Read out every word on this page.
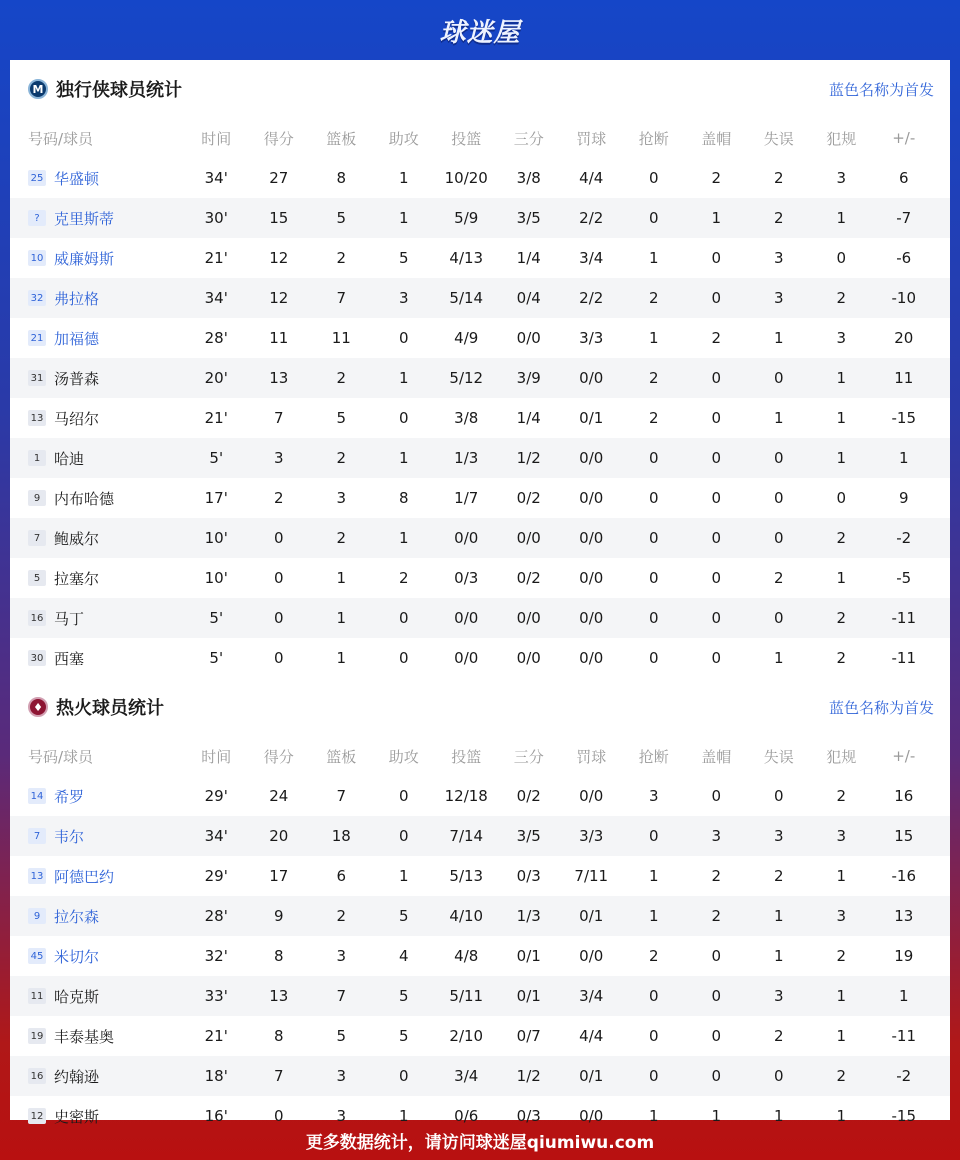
球迷屋
M 独行侠球员统计	蓝色名称为首发
号码/球员	时间	得分	篮板	助攻	投篮	三分	罚球	抢断	盖帽	失误	犯规	+/-
25 华盛顿	34'	27	8	1	10/20	3/8	4/4	0	2	2	3	6
? 克里斯蒂	30'	15	5	1	5/9	3/5	2/2	0	1	2	1	-7
10 威廉姆斯	21'	12	2	5	4/13	1/4	3/4	1	0	3	0	-6
32 弗拉格	34'	12	7	3	5/14	0/4	2/2	2	0	3	2	-10
21 加福德	28'	11	11	0	4/9	0/0	3/3	1	2	1	3	20
31 汤普森	20'	13	2	1	5/12	3/9	0/0	2	0	0	1	11
13 马绍尔	21'	7	5	0	3/8	1/4	0/1	2	0	1	1	-15
1 哈迪	5'	3	2	1	1/3	1/2	0/0	0	0	0	1	1
9 内布哈德	17'	2	3	8	1/7	0/2	0/0	0	0	0	0	9
7 鲍威尔	10'	0	2	1	0/0	0/0	0/0	0	0	0	2	-2
5 拉塞尔	10'	0	1	2	0/3	0/2	0/0	0	0	2	1	-5
16 马丁	5'	0	1	0	0/0	0/0	0/0	0	0	0	2	-11
30 西塞	5'	0	1	0	0/0	0/0	0/0	0	0	1	2	-11
♦ 热火球员统计	蓝色名称为首发
号码/球员	时间	得分	篮板	助攻	投篮	三分	罚球	抢断	盖帽	失误	犯规	+/-
14 希罗	29'	24	7	0	12/18	0/2	0/0	3	0	0	2	16
7 韦尔	34'	20	18	0	7/14	3/5	3/3	0	3	3	3	15
13 阿德巴约	29'	17	6	1	5/13	0/3	7/11	1	2	2	1	-16
9 拉尔森	28'	9	2	5	4/10	1/3	0/1	1	2	1	3	13
45 米切尔	32'	8	3	4	4/8	0/1	0/0	2	0	1	2	19
11 哈克斯	33'	13	7	5	5/11	0/1	3/4	0	0	3	1	1
19 丰泰基奥	21'	8	5	5	2/10	0/7	4/4	0	0	2	1	-11
16 约翰逊	18'	7	3	0	3/4	1/2	0/1	0	0	0	2	-2
12 史密斯	16'	0	3	1	0/6	0/3	0/0	1	1	1	1	-15
更多数据统计，请访问球迷屋qiumiwu.com
